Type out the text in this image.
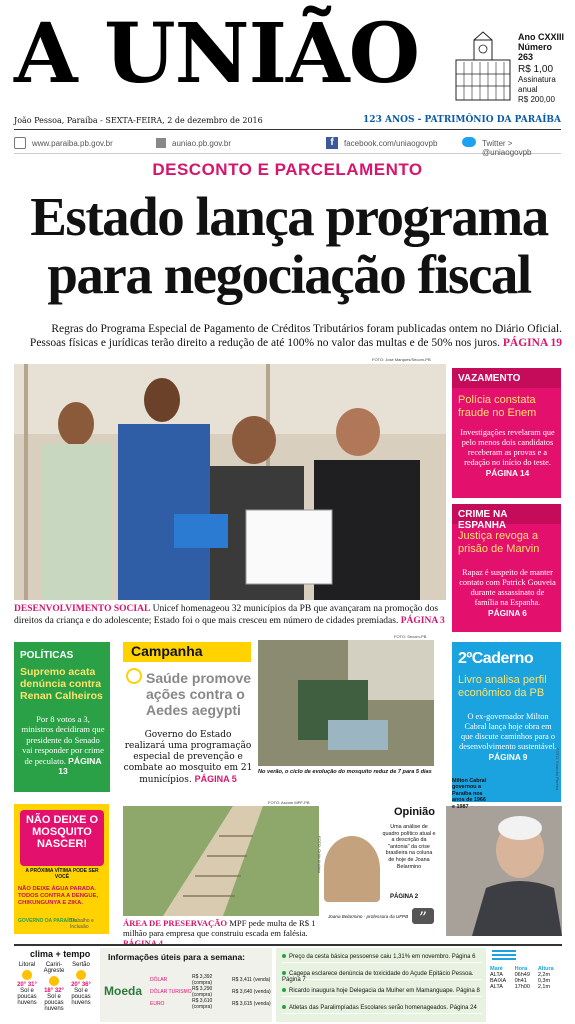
A UNIÃO	Ano CXXIII
Número 263
R$ 1,00
Assinatura anual
R$ 200,00
João Pessoa, Paraíba - SEXTA-FEIRA, 2 de dezembro de 2016	123 ANOS - PATRIMÔNIO DA PARAÍBA
www.paraiba.pb.gov.br	auniao.pb.gov.br	f	facebook.com/uniaogovpb	Twitter > @uniaogovpb
DESCONTO E PARCELAMENTO
Estado lança programa
para negociação fiscal
Regras do Programa Especial de Pagamento de Créditos Tributários foram publicadas ontem no Diário Oficial. Pessoas físicas e jurídicas terão direito a redução de até 100% no valor das multas e de 50% nos juros. PÁGINA 19
FOTO: José Marques/Secom-PB
DESENVOLVIMENTO SOCIAL Unicef homenageou 32 municípios da PB que avançaram na promoção dos direitos da criança e do adolescente; Estado foi o que mais cresceu em número de cidades premiadas. PÁGINA 3
VAZAMENTO
Polícia constata fraude no Enem
Investigações revelaram que pelo menos dois candidatos receberam as provas e a redação no início do teste. PÁGINA 14
CRIME NA ESPANHA
Justiça revoga a prisão de Marvin
Rapaz é suspeito de manter contato com Patrick Gouveia durante assassinato de família na Espanha. PÁGINA 6
POLÍTICAS
Supremo acata denúncia contra Renan Calheiros
Por 8 votos a 3, ministros decidiram que presidente do Senado vai responder por crime de peculato. PÁGINA 13
Campanha
Saúde promove ações contra o Aedes aegypti
Governo do Estado realizará uma programação especial de prevenção e combate ao mosquito em 21 municípios. PÁGINA 5
FOTO: Secom-PB
No verão, o ciclo de evolução do mosquito reduz de 7 para 5 dias
2ºCaderno
Livro analisa perfil econômico da PB
O ex-governador Milton Cabral lança hoje obra em que discute caminhos para o desenvolvimento sustentável. PÁGINA 9
NÃO DEIXE O MOSQUITO NASCER!
A PRÓXIMA VÍTIMA PODE SER VOCÊ
NÃO DEIXE ÁGUA PARADA. TODOS CONTRA A DENGUE, CHIKUNGUNYA E ZIKA.
GOVERNO DA PARAÍBA
Trabalho e Inclusão
FOTO: Ascom MPF-PB
ÁREA DE PRESERVAÇÃO MPF pede multa de R$ 1 milhão para empresa que construiu escada em falésia. PÁGINA 4
FOTO: Ortilo Antônio
Opinião
Uma análise de quadro político atual e a descrição da "antonia" da crise brasileira na coluna de hoje de Joana Belarmino
PÁGINA 2
”
Joana Belarmino - professora da UFPB
Milton Cabral governou a Paraíba nos anos de 1966 e 1987
FOTO: Evandro Pereira
clima + tempo
Litoral
20° 31°
Sol e poucas nuvens
Cariri-Agreste
18° 32°
Sol e poucas nuvens
Sertão
20° 36°
Sol e poucas nuvens
Informações úteis para a semana:
Moeda
DÓLAR	R$ 3,392 (compra)	R$ 3,411 (venda)
DÓLAR TURISMO	R$ 3,290 (compra)	R$ 3,640 (venda)
EURO	R$ 3,610 (compra)	R$ 3,615 (venda)
Preço da cesta básica pessoense caiu 1,31% em novembro. Página 6
Cagepa esclarece denúncia de toxicidade do Açude Epitácio Pessoa. Página 7
Ricardo inaugura hoje Delegacia da Mulher em Mamanguape. Página 8
Atletas das Paralimpíadas Escolares serão homenageados. Página 24
Maré	Hora	Altura
ALTA	06h49	2,2m
BAIXA	0h41	0,3m
ALTA	17h00	2,1m
